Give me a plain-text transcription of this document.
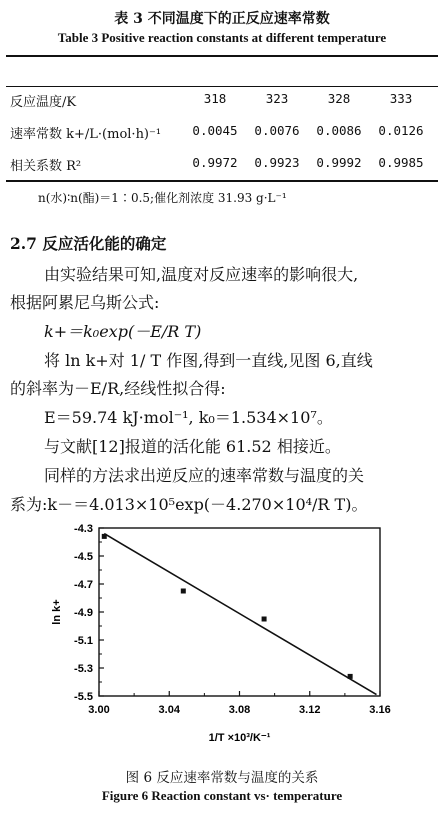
表 3 不同温度下的正反应速率常数
Table 3 Positive reaction constants at different temperature
反应温度/K	318	323	328	333
速率常数 k+/L·(mol·h)⁻¹	0.0045	0.0076	0.0086	0.0126
相关系数 R²	0.9972	0.9923	0.9992	0.9985
n(水)∶n(酯)＝1∶0.5;催化剂浓度 31.93 g·L⁻¹
2.7 反应活化能的确定
由实验结果可知,温度对反应速率的影响很大,
根据阿累尼乌斯公式:
k+＝k₀exp(－E/R T)
将 ln k+对 1/ T 作图,得到一直线,见图 6,直线
的斜率为－E/R,经线性拟合得:
E＝59.74 kJ·mol⁻¹, k₀＝1.534×10⁷。
与文献[12]报道的活化能 61.52 相接近。
同样的方法求出逆反应的速率常数与温度的关
系为:k－＝4.013×10⁵exp(－4.270×10⁴/R T)。
-4.3
-4.5
-4.7
-4.9
-5.1
-5.3
-5.5
3.00	3.04	3.08	3.12	3.16
ln k+
1/T ×10³/K⁻¹
图 6 反应速率常数与温度的关系
Figure 6 Reaction constant vs· temperature
